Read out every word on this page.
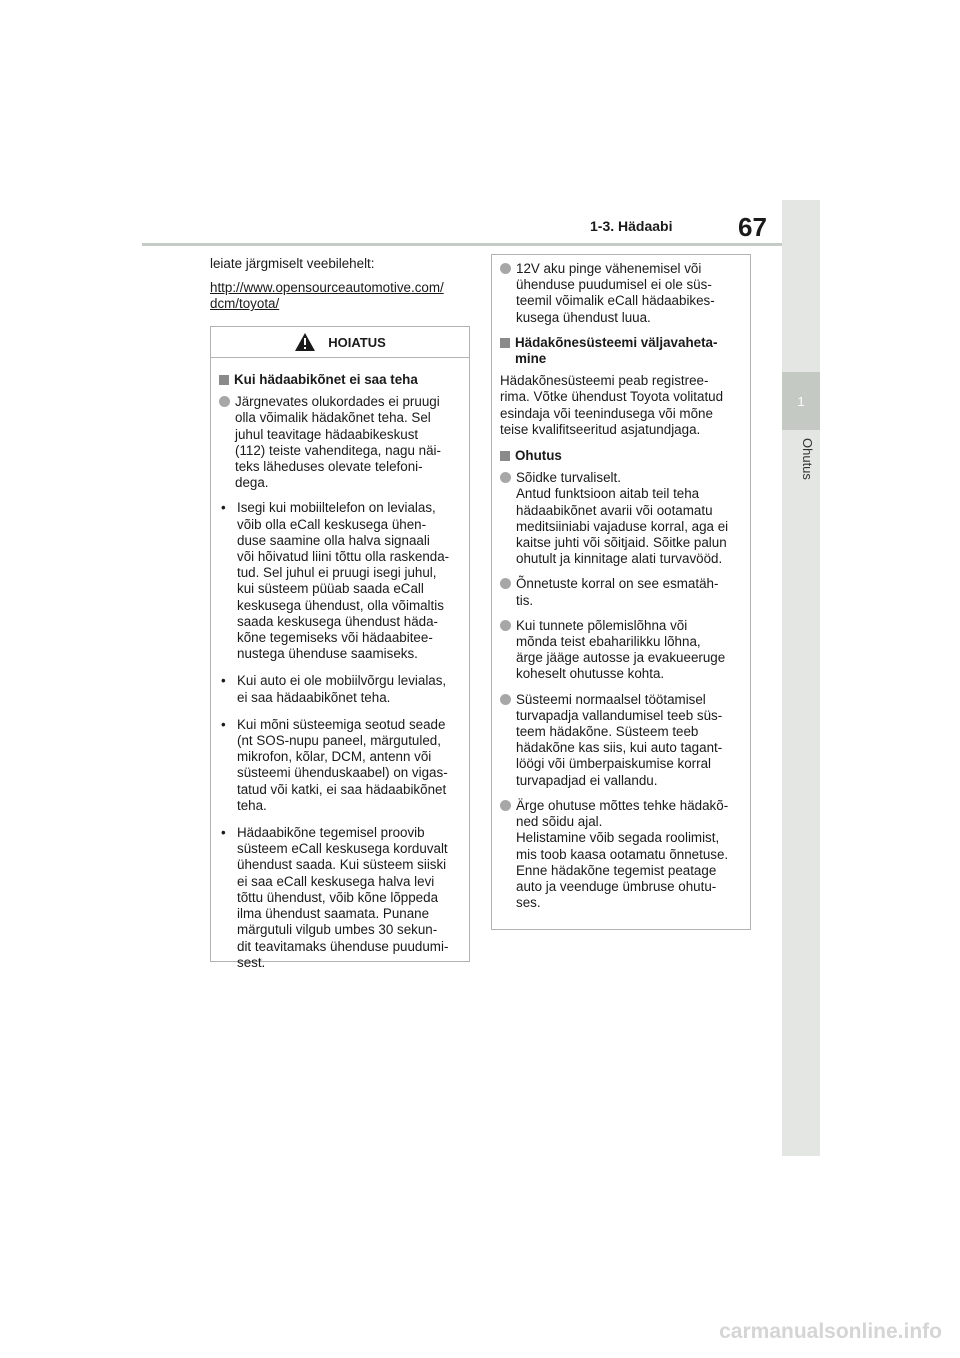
1-3. Hädaabi	67
1
Ohutus

leiate järgmiselt veebilehelt:

http://www.opensourceautomotive.com/
dcm/toyota/

HOIATUS
Kui hädaabikõnet ei saa teha
Järgnevates olukordades ei pruugi
olla võimalik hädakõnet teha. Sel
juhul teavitage hädaabikeskust
(112) teiste vahenditega, nagu näi-
teks läheduses olevate telefoni-
dega.
• Isegi kui mobiiltelefon on levialas,
võib olla eCall keskusega ühen-
duse saamine olla halva signaali
või hõivatud liini tõttu olla raskenda-
tud. Sel juhul ei pruugi isegi juhul,
kui süsteem püüab saada eCall
keskusega ühendust, olla võimaltis
saada keskusega ühendust häda-
kõne tegemiseks või hädaabitee-
nustega ühenduse saamiseks.
• Kui auto ei ole mobiilvõrgu levialas,
ei saa hädaabikõnet teha.
• Kui mõni süsteemiga seotud seade
(nt SOS-nupu paneel, märgutuled,
mikrofon, kõlar, DCM, antenn või
süsteemi ühenduskaabel) on vigas-
tatud või katki, ei saa hädaabikõnet
teha.
• Hädaabikõne tegemisel proovib
süsteem eCall keskusega korduvalt
ühendust saada. Kui süsteem siiski
ei saa eCall keskusega halva levi
tõttu ühendust, võib kõne lõppeda
ilma ühendust saamata. Punane
märgutuli vilgub umbes 30 sekun-
dit teavitamaks ühenduse puudumi-
sest.
12V aku pinge vähenemisel või
ühenduse puudumisel ei ole süs-
teemil võimalik eCall hädaabikes-
kusega ühendust luua.
Hädakõnesüsteemi väljavaheta-
mine

Hädakõnesüsteemi peab registree-
rima. Võtke ühendust Toyota volitatud
esindaja või teenindusega või mõne
teise kvalifitseeritud asjatundjaga.

Ohutus
Sõidke turvaliselt.
Antud funktsioon aitab teil teha
hädaabikõnet avarii või ootamatu
meditsiiniabi vajaduse korral, aga ei
kaitse juhti või sõitjaid. Sõitke palun
ohutult ja kinnitage alati turvavööd.
Õnnetuste korral on see esmatäh-
tis.
Kui tunnete põlemislõhna või
mõnda teist ebaharilikku lõhna,
ärge jääge autosse ja evakueeruge
koheselt ohutusse kohta.
Süsteemi normaalsel töötamisel
turvapadja vallandumisel teeb süs-
teem hädakõne. Süsteem teeb
hädakõne kas siis, kui auto tagant-
löögi või ümberpaiskumise korral
turvapadjad ei vallandu.
Ärge ohutuse mõttes tehke hädakõ-
ned sõidu ajal.
Helistamine võib segada roolimist,
mis toob kaasa ootamatu õnnetuse.
Enne hädakõne tegemist peatage
auto ja veenduge ümbruse ohutu-
ses.
carmanualsonline.info
